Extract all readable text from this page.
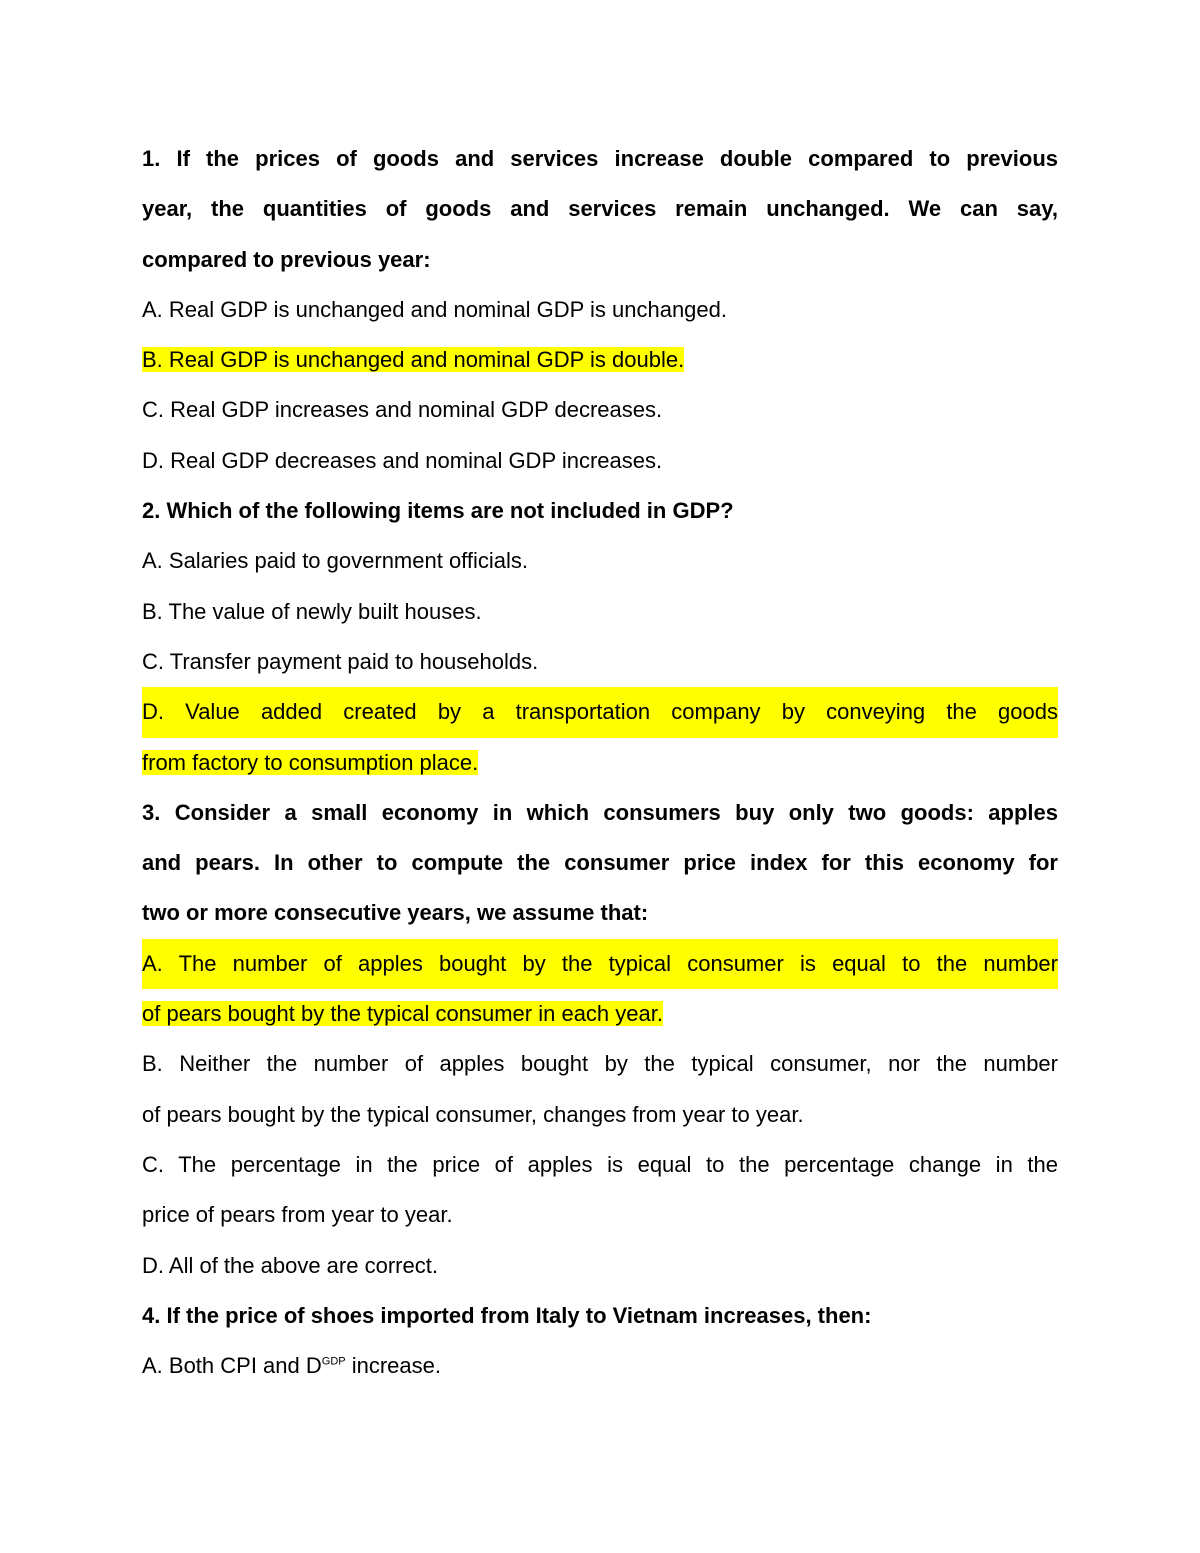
1. If the prices of goods and services increase double compared to previous
year, the quantities of goods and services remain unchanged. We can say,
compared to previous year:
A. Real GDP is unchanged and nominal GDP is unchanged.
B. Real GDP is unchanged and nominal GDP is double.
C. Real GDP increases and nominal GDP decreases.
D. Real GDP decreases and nominal GDP increases.
2. Which of the following items are not included in GDP?
A. Salaries paid to government officials.
B. The value of newly built houses.
C. Transfer payment paid to households.
D. Value added created by a transportation company by conveying the goods
from factory to consumption place.
3. Consider a small economy in which consumers buy only two goods: apples
and pears. In other to compute the consumer price index for this economy for
two or more consecutive years, we assume that:
A. The number of apples bought by the typical consumer is equal to the number
of pears bought by the typical consumer in each year.
B. Neither the number of apples bought by the typical consumer, nor the number
of pears bought by the typical consumer, changes from year to year.
C. The percentage in the price of apples is equal to the percentage change in the
price of pears from year to year.
D. All of the above are correct.
4. If the price of shoes imported from Italy to Vietnam increases, then:
A. Both CPI and $D^{GDP}$ increase.
